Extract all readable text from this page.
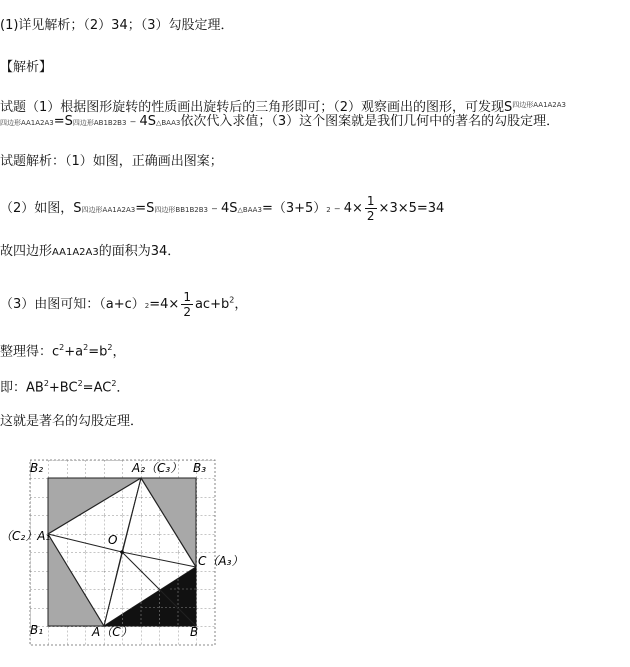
(1)详见解析；（2）34；（3）勾股定理．
【解析】
试题（1）根据图形旋转的性质画出旋转后的三角形即可；（2）观察画出的图形，可发现$S^{四边形AA1A2A3}$
四边形AA1A2A3=S四边形AB1B2B3﹣4S△BAA3依次代入求值；（3）这个图案就是我们几何中的著名的勾股定理．
试题解析：（1）如图，正确画出图案；
（2）如图，S四边形AA1A2A3=S四边形BB1B2B3﹣4S△BAA3=（3+5）2﹣4× $\frac{1}{2} \times 3\times 5=34$
故四边形AA1A2A3的面积为34．
（3）由图可知：$(a+c)2=4\times \frac{1}{2} ac+b^2$，
整理得：$c^2+a^2=b^2$，
即：$AB^2+BC^2=AC^2$．
这就是著名的勾股定理．
B₂	A₂（C₃） B₃
（C₂）A₁	O
C（A₃）
B₁	A（C）	B
